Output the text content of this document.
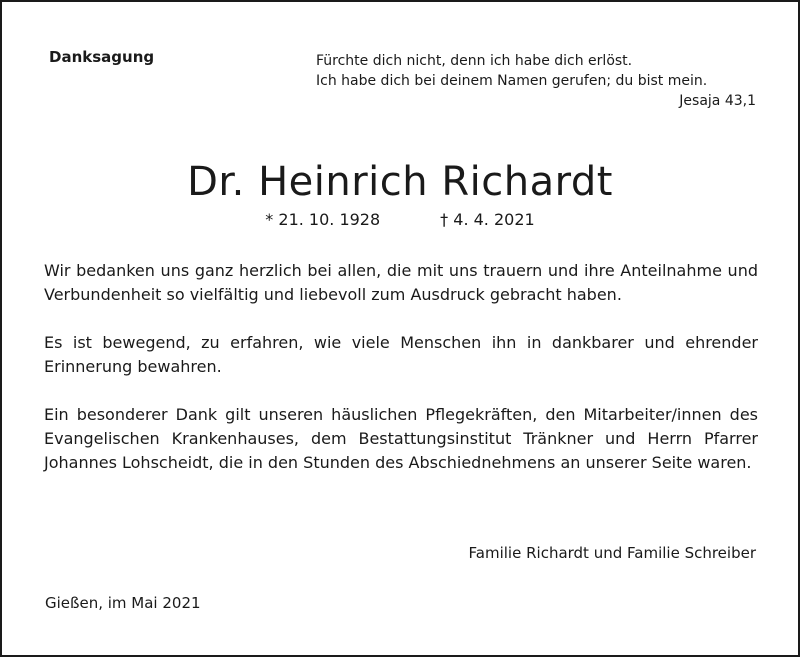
Danksagung	Fürchte dich nicht, denn ich habe dich erlöst.
Ich habe dich bei deinem Namen gerufen; du bist mein.
Jesaja 43,1
Dr. Heinrich Richardt
* 21. 10. 1928	† 4. 4. 2021

Wir bedanken uns ganz herzlich bei allen, die mit uns trauern und ihre Anteilnahme und Verbundenheit so vielfältig und liebevoll zum Ausdruck gebracht haben.

Es ist bewegend, zu erfahren, wie viele Menschen ihn in dankbarer und ehrender Erinnerung bewahren.

Ein besonderer Dank gilt unseren häuslichen Pflegekräften, den Mitarbeiter/innen des Evangelischen Krankenhauses, dem Bestattungsinstitut Tränkner und Herrn Pfarrer Johannes Lohscheidt, die in den Stunden des Abschiednehmens an unserer Seite waren.

Familie Richardt und Familie Schreiber
Gießen, im Mai 2021
